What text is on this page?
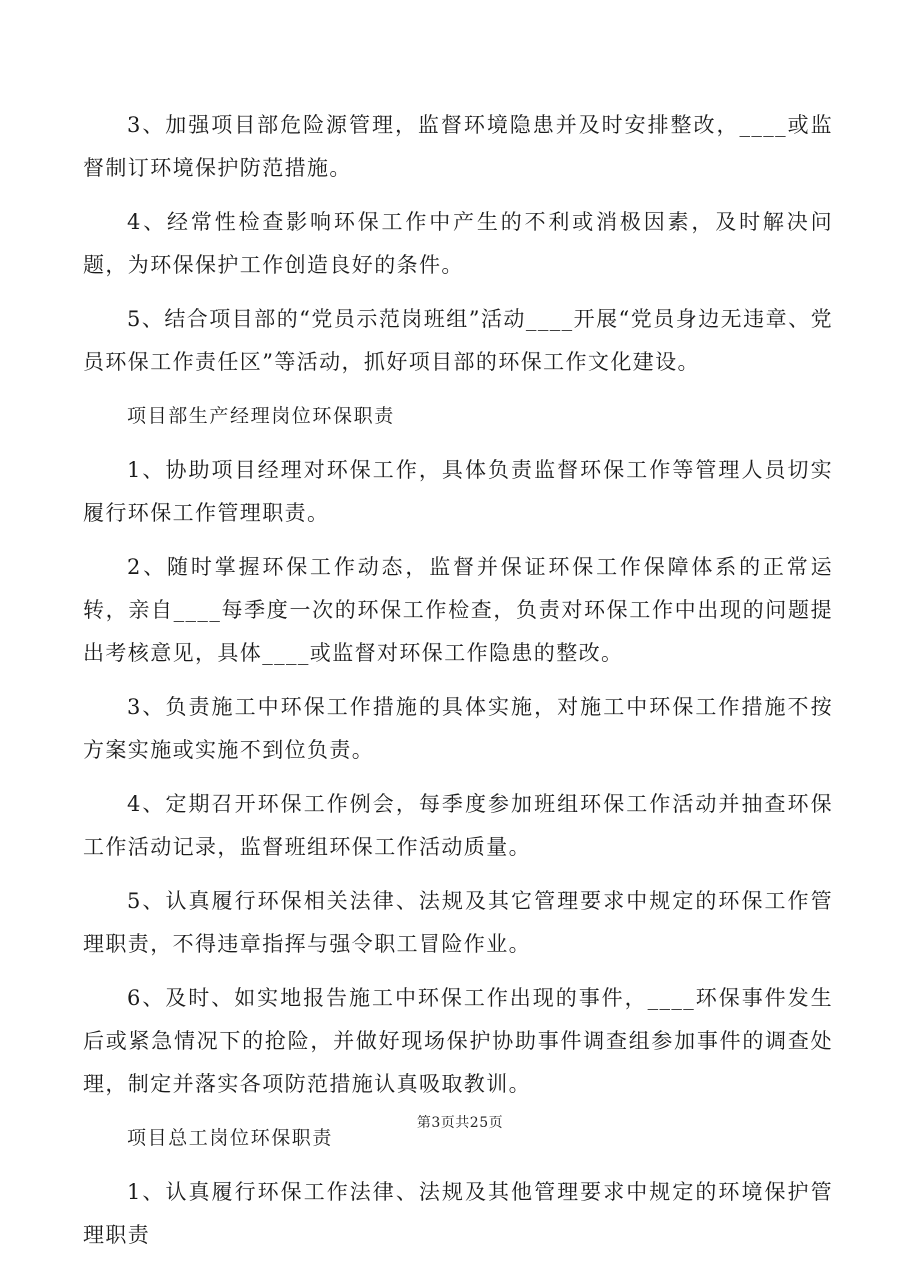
3、加强项目部危险源管理，监督环境隐患并及时安排整改，____或监督制订环境保护防范措施。

4、经常性检查影响环保工作中产生的不利或消极因素，及时解决问题，为环保保护工作创造良好的条件。

5、结合项目部的“党员示范岗班组”活动____开展“党员身边无违章、党员环保工作责任区”等活动，抓好项目部的环保工作文化建设。

项目部生产经理岗位环保职责

1、协助项目经理对环保工作，具体负责监督环保工作等管理人员切实履行环保工作管理职责。

2、随时掌握环保工作动态，监督并保证环保工作保障体系的正常运转，亲自____每季度一次的环保工作检查，负责对环保工作中出现的问题提出考核意见，具体____或监督对环保工作隐患的整改。

3、负责施工中环保工作措施的具体实施，对施工中环保工作措施不按方案实施或实施不到位负责。

4、定期召开环保工作例会，每季度参加班组环保工作活动并抽查环保工作活动记录，监督班组环保工作活动质量。

5、认真履行环保相关法律、法规及其它管理要求中规定的环保工作管理职责，不得违章指挥与强令职工冒险作业。

6、及时、如实地报告施工中环保工作出现的事件，____环保事件发生后或紧急情况下的抢险，并做好现场保护协助事件调查组参加事件的调查处理，制定并落实各项防范措施认真吸取教训。

项目总工岗位环保职责

1、认真履行环保工作法律、法规及其他管理要求中规定的环境保护管理职责

第3页共25页
